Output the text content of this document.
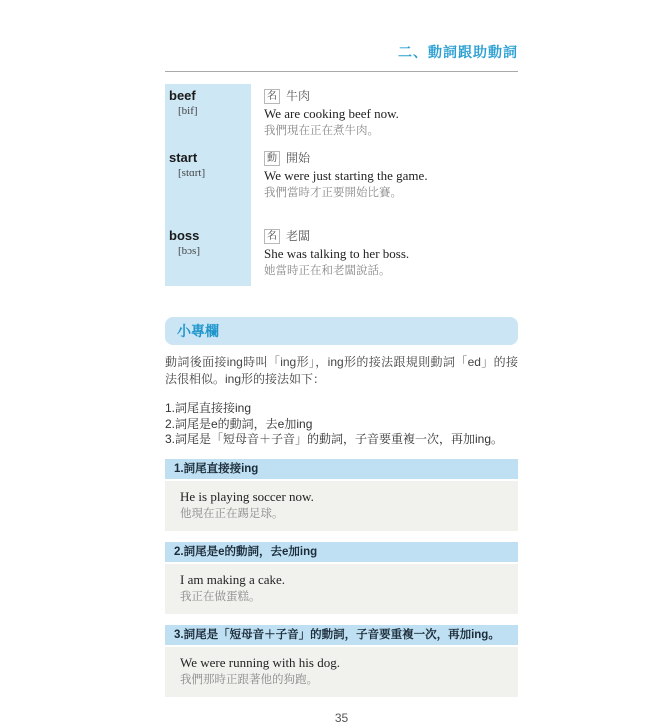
二、動詞跟助動詞
beef
[bif]
名 牛肉
We are cooking beef now.
我們現在正在煮牛肉。
start
[stɑrt]
動 開始
We were just starting the game.
我們當時才正要開始比賽。
boss
[bɔs]
名 老闆
She was talking to her boss.
她當時正在和老闆說話。
小專欄

動詞後面接ing時叫「ing形」，ing形的接法跟規則動詞「ed」的接法很相似。ing形的接法如下：

1.詞尾直接接ing
2.詞尾是e的動詞，去e加ing
3.詞尾是「短母音＋子音」的動詞，子音要重複一次，再加ing。
1.詞尾直接接ing
He is playing soccer now.
他現在正在踢足球。
2.詞尾是e的動詞，去e加ing
I am making a cake.
我正在做蛋糕。
3.詞尾是「短母音＋子音」的動詞，子音要重複一次，再加ing。
We were running with his dog.
我們那時正跟著他的狗跑。
35
